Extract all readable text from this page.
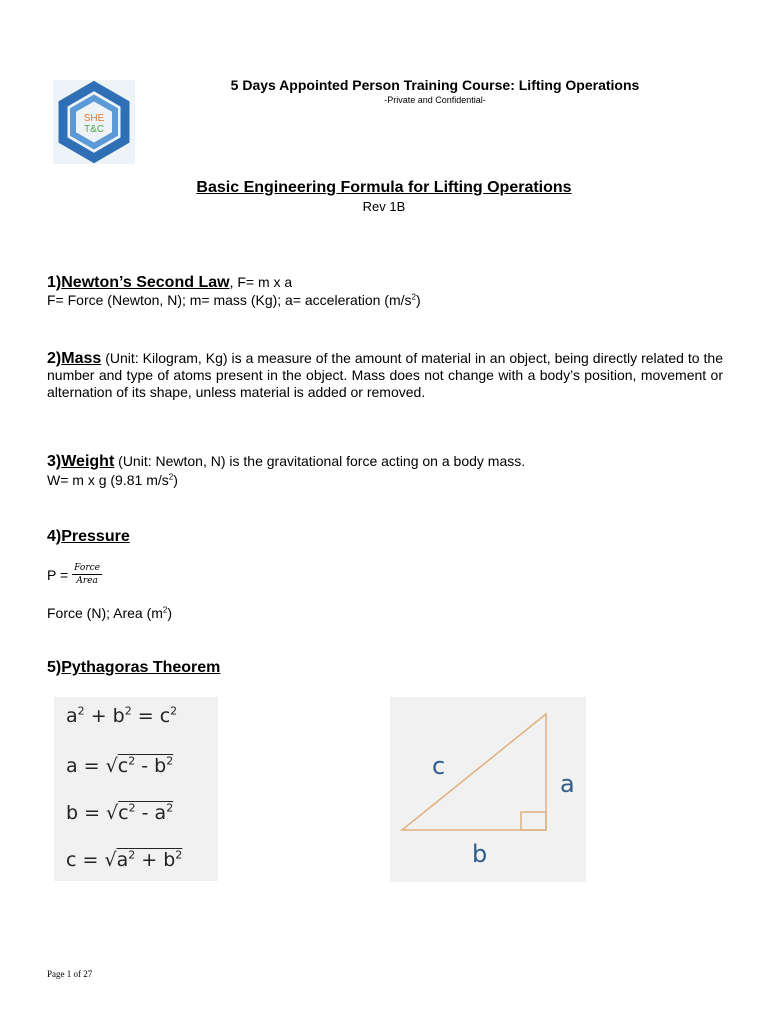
SHE
T&C
5 Days Appointed Person Training Course: Lifting Operations
-Private and Confidential-
Basic Engineering Formula for Lifting Operations
Rev 1B
1)Newton’s Second Law, F= m x a
F= Force (Newton, N); m= mass (Kg); a= acceleration $(m/s^2)$
2)Mass (Unit: Kilogram, Kg) is a measure of the amount of material in an object, being directly related to the number and type of atoms present in the object. Mass does not change with a body’s position, movement or alternation of its shape, unless material is added or removed.
3)Weight (Unit: Newton, N) is the gravitational force acting on a body mass.
W= m x g (9.81 $m/s^2$)
4)Pressure
$P = \frac{\text{Force}}{\text{Area}}$
Force (N); Area $(m^2)$
5)Pythagoras Theorem
$a^2 + b^2 = c^2$
$a = √c^2 - b^2$
$b = √c^2 - a^2$
$c = √a^2 + b^2$
c
a
b
Page 1 of 27
